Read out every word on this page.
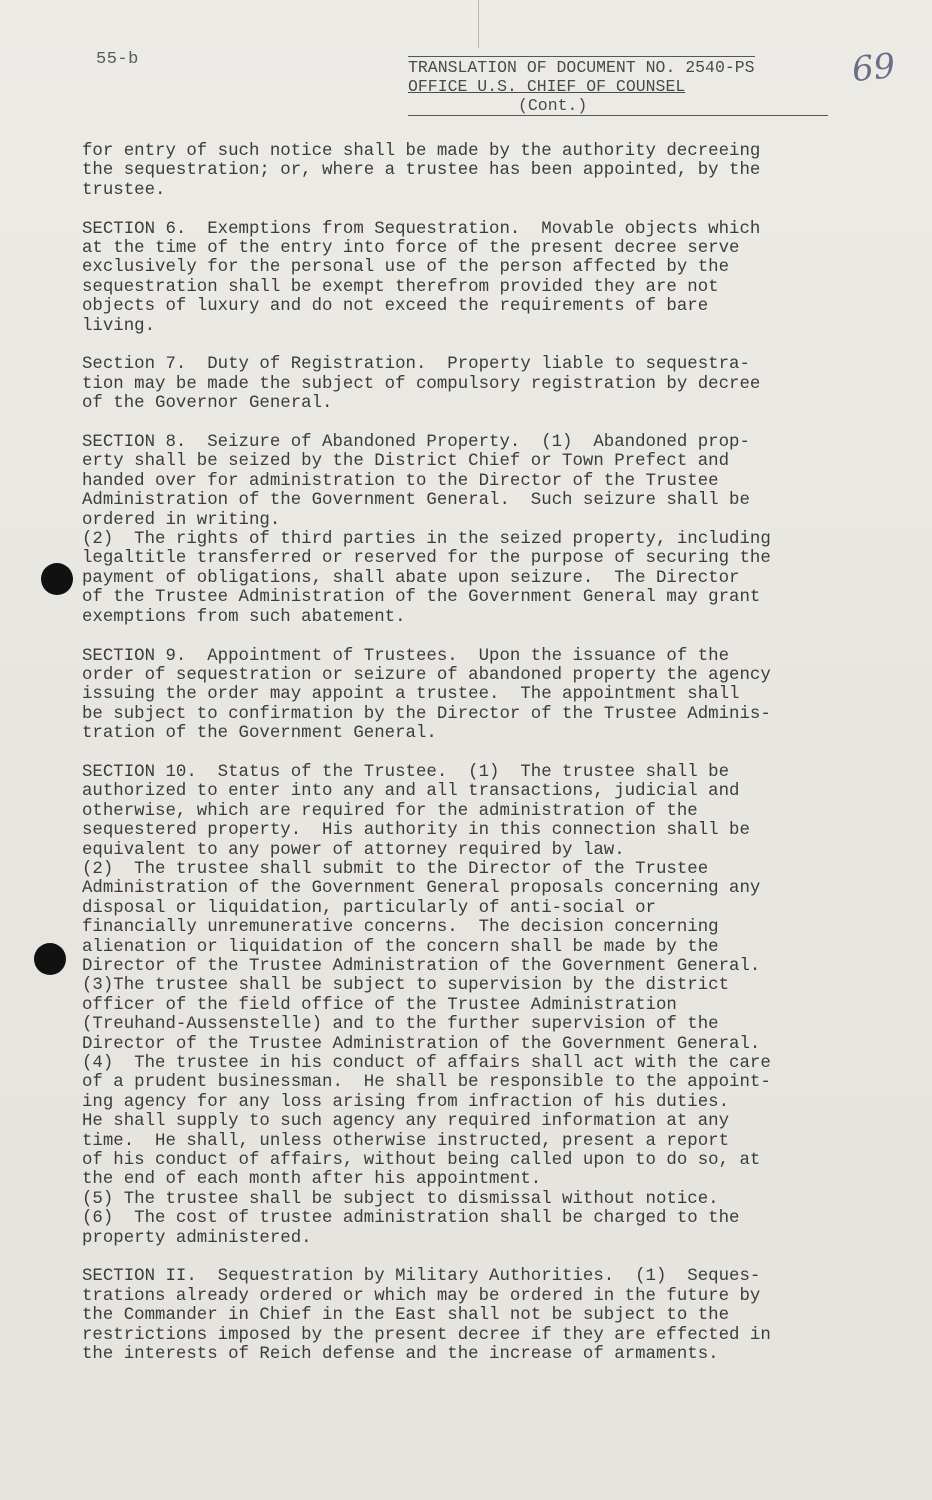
55-b	TRANSLATION OF DOCUMENT NO. 2540-PS
OFFICE U.S. CHIEF OF COUNSEL
(Cont.)
69
for entry of such notice shall be made by the authority decreeing
the sequestration; or, where a trustee has been appointed, by the
trustee.
SECTION 6.  Exemptions from Sequestration.  Movable objects which
at the time of the entry into force of the present decree serve
exclusively for the personal use of the person affected by the
sequestration shall be exempt therefrom provided they are not
objects of luxury and do not exceed the requirements of bare
living.
Section 7.  Duty of Registration.  Property liable to sequestra-
tion may be made the subject of compulsory registration by decree
of the Governor General.
SECTION 8.  Seizure of Abandoned Property.  (1)  Abandoned prop-
erty shall be seized by the District Chief or Town Prefect and
handed over for administration to the Director of the Trustee
Administration of the Government General.  Such seizure shall be
ordered in writing.
(2)  The rights of third parties in the seized property, including
legaltitle transferred or reserved for the purpose of securing the
payment of obligations, shall abate upon seizure.  The Director
of the Trustee Administration of the Government General may grant
exemptions from such abatement.
SECTION 9.  Appointment of Trustees.  Upon the issuance of the
order of sequestration or seizure of abandoned property the agency
issuing the order may appoint a trustee.  The appointment shall
be subject to confirmation by the Director of the Trustee Adminis-
tration of the Government General.
SECTION 10.  Status of the Trustee.  (1)  The trustee shall be
authorized to enter into any and all transactions, judicial and
otherwise, which are required for the administration of the
sequestered property.  His authority in this connection shall be
equivalent to any power of attorney required by law.
(2)  The trustee shall submit to the Director of the Trustee
Administration of the Government General proposals concerning any
disposal or liquidation, particularly of anti-social or
financially unremunerative concerns.  The decision concerning
alienation or liquidation of the concern shall be made by the
Director of the Trustee Administration of the Government General.
(3)The trustee shall be subject to supervision by the district
officer of the field office of the Trustee Administration
(Treuhand-Aussenstelle) and to the further supervision of the
Director of the Trustee Administration of the Government General.
(4)  The trustee in his conduct of affairs shall act with the care
of a prudent businessman.  He shall be responsible to the appoint-
ing agency for any loss arising from infraction of his duties.
He shall supply to such agency any required information at any
time.  He shall, unless otherwise instructed, present a report
of his conduct of affairs, without being called upon to do so, at
the end of each month after his appointment.
(5) The trustee shall be subject to dismissal without notice.
(6)  The cost of trustee administration shall be charged to the
property administered.
SECTION II.  Sequestration by Military Authorities.  (1)  Seques-
trations already ordered or which may be ordered in the future by
the Commander in Chief in the East shall not be subject to the
restrictions imposed by the present decree if they are effected in
the interests of Reich defense and the increase of armaments.
